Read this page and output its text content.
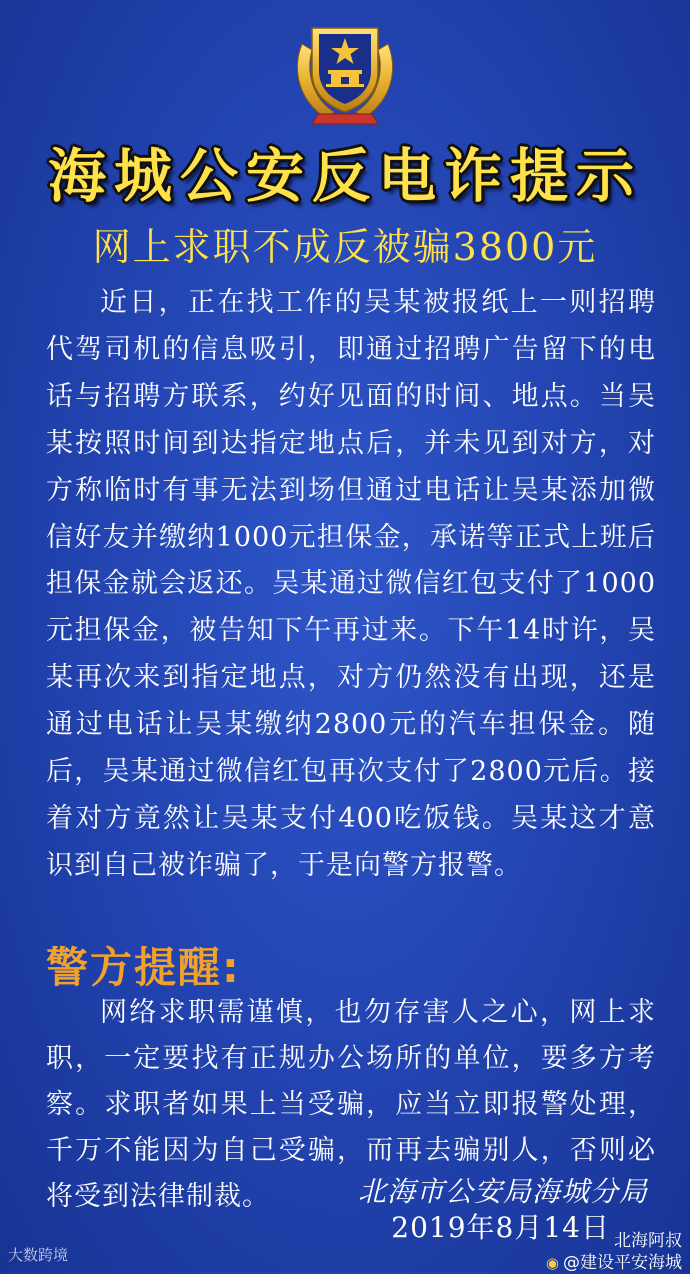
海城公安反电诈提示
网上求职不成反被骗3800元

近日，正在找工作的吴某被报纸上一则招聘代驾司机的信息吸引，即通过招聘广告留下的电话与招聘方联系，约好见面的时间、地点。当吴某按照时间到达指定地点后，并未见到对方，对方称临时有事无法到场但通过电话让吴某添加微信好友并缴纳1000元担保金，承诺等正式上班后担保金就会返还。吴某通过微信红包支付了1000元担保金，被告知下午再过来。下午14时许，吴某再次来到指定地点，对方仍然没有出现，还是通过电话让吴某缴纳2800元的汽车担保金。随后，吴某通过微信红包再次支付了2800元后。接着对方竟然让吴某支付400吃饭钱。吴某这才意识到自己被诈骗了，于是向警方报警。

警方提醒:

网络求职需谨慎，也勿存害人之心，网上求职，一定要找有正规办公场所的单位，要多方考察。求职者如果上当受骗，应当立即报警处理，千万不能因为自己受骗，而再去骗别人，否则必将受到法律制裁。	北海市公安局海城分局
2019年8月14日
大数跨境
北海阿叔
◉ @建设平安海城
